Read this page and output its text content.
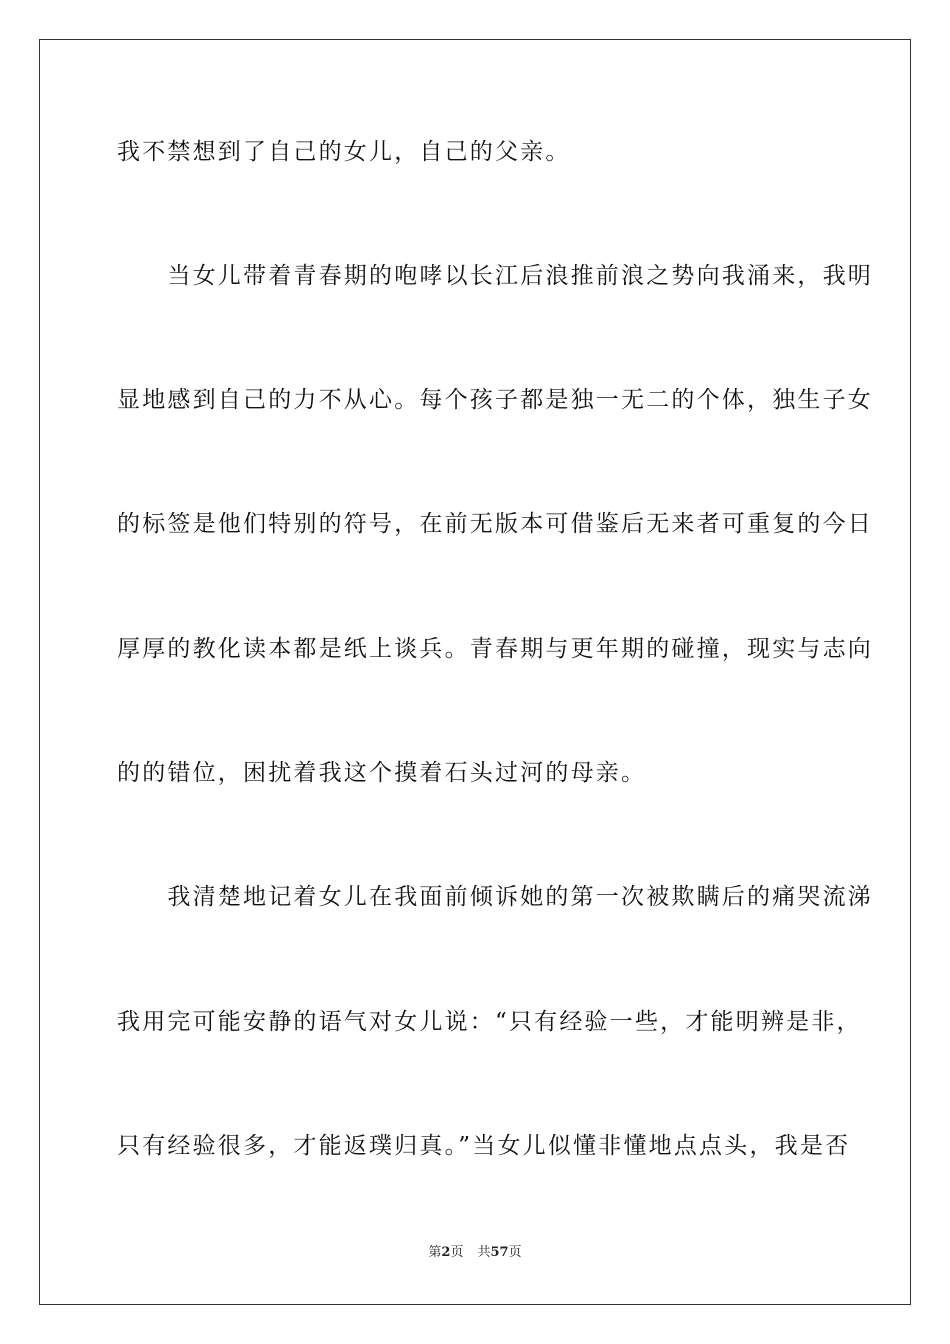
我不禁想到了自己的女儿，自己的父亲。
　　当女儿带着青春期的咆哮以长江后浪推前浪之势向我涌来，我明
显地感到自己的力不从心。每个孩子都是独一无二的个体，独生子女
的标签是他们特别的符号，在前无版本可借鉴后无来者可重复的今日
厚厚的教化读本都是纸上谈兵。青春期与更年期的碰撞，现实与志向
的的错位，困扰着我这个摸着石头过河的母亲。
　　我清楚地记着女儿在我面前倾诉她的第一次被欺瞒后的痛哭流涕
我用完可能安静的语气对女儿说：“只有经验一些，才能明辨是非，
只有经验很多，才能返璞归真。”当女儿似懂非懂地点点头，我是否
第2页 共57页
